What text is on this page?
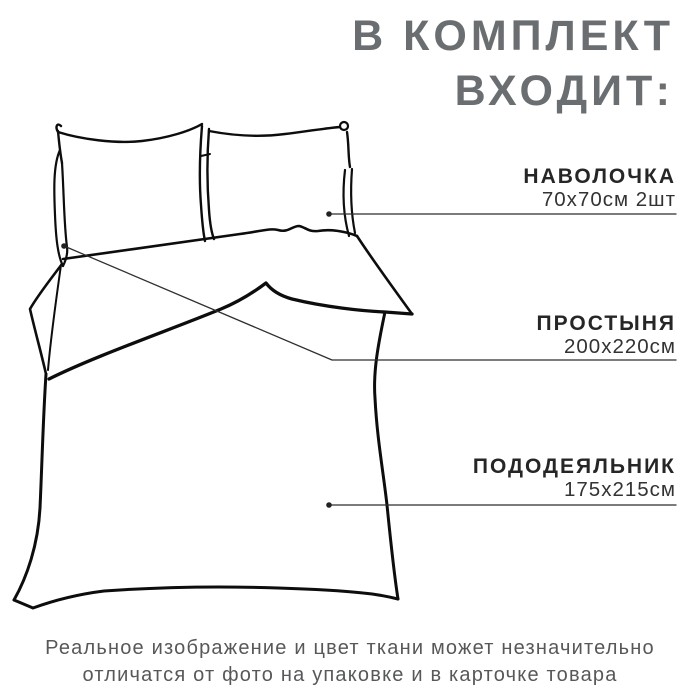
В КОМПЛЕКТ
ВХОДИТ:
НАВОЛОЧКА
70х70см 2шт
ПРОСТЫНЯ
200х220см
ПОДОДЕЯЛЬНИК
175х215см
Реальное изображение и цвет ткани может незначительно
отличатся от фото на упаковке и в карточке товара
